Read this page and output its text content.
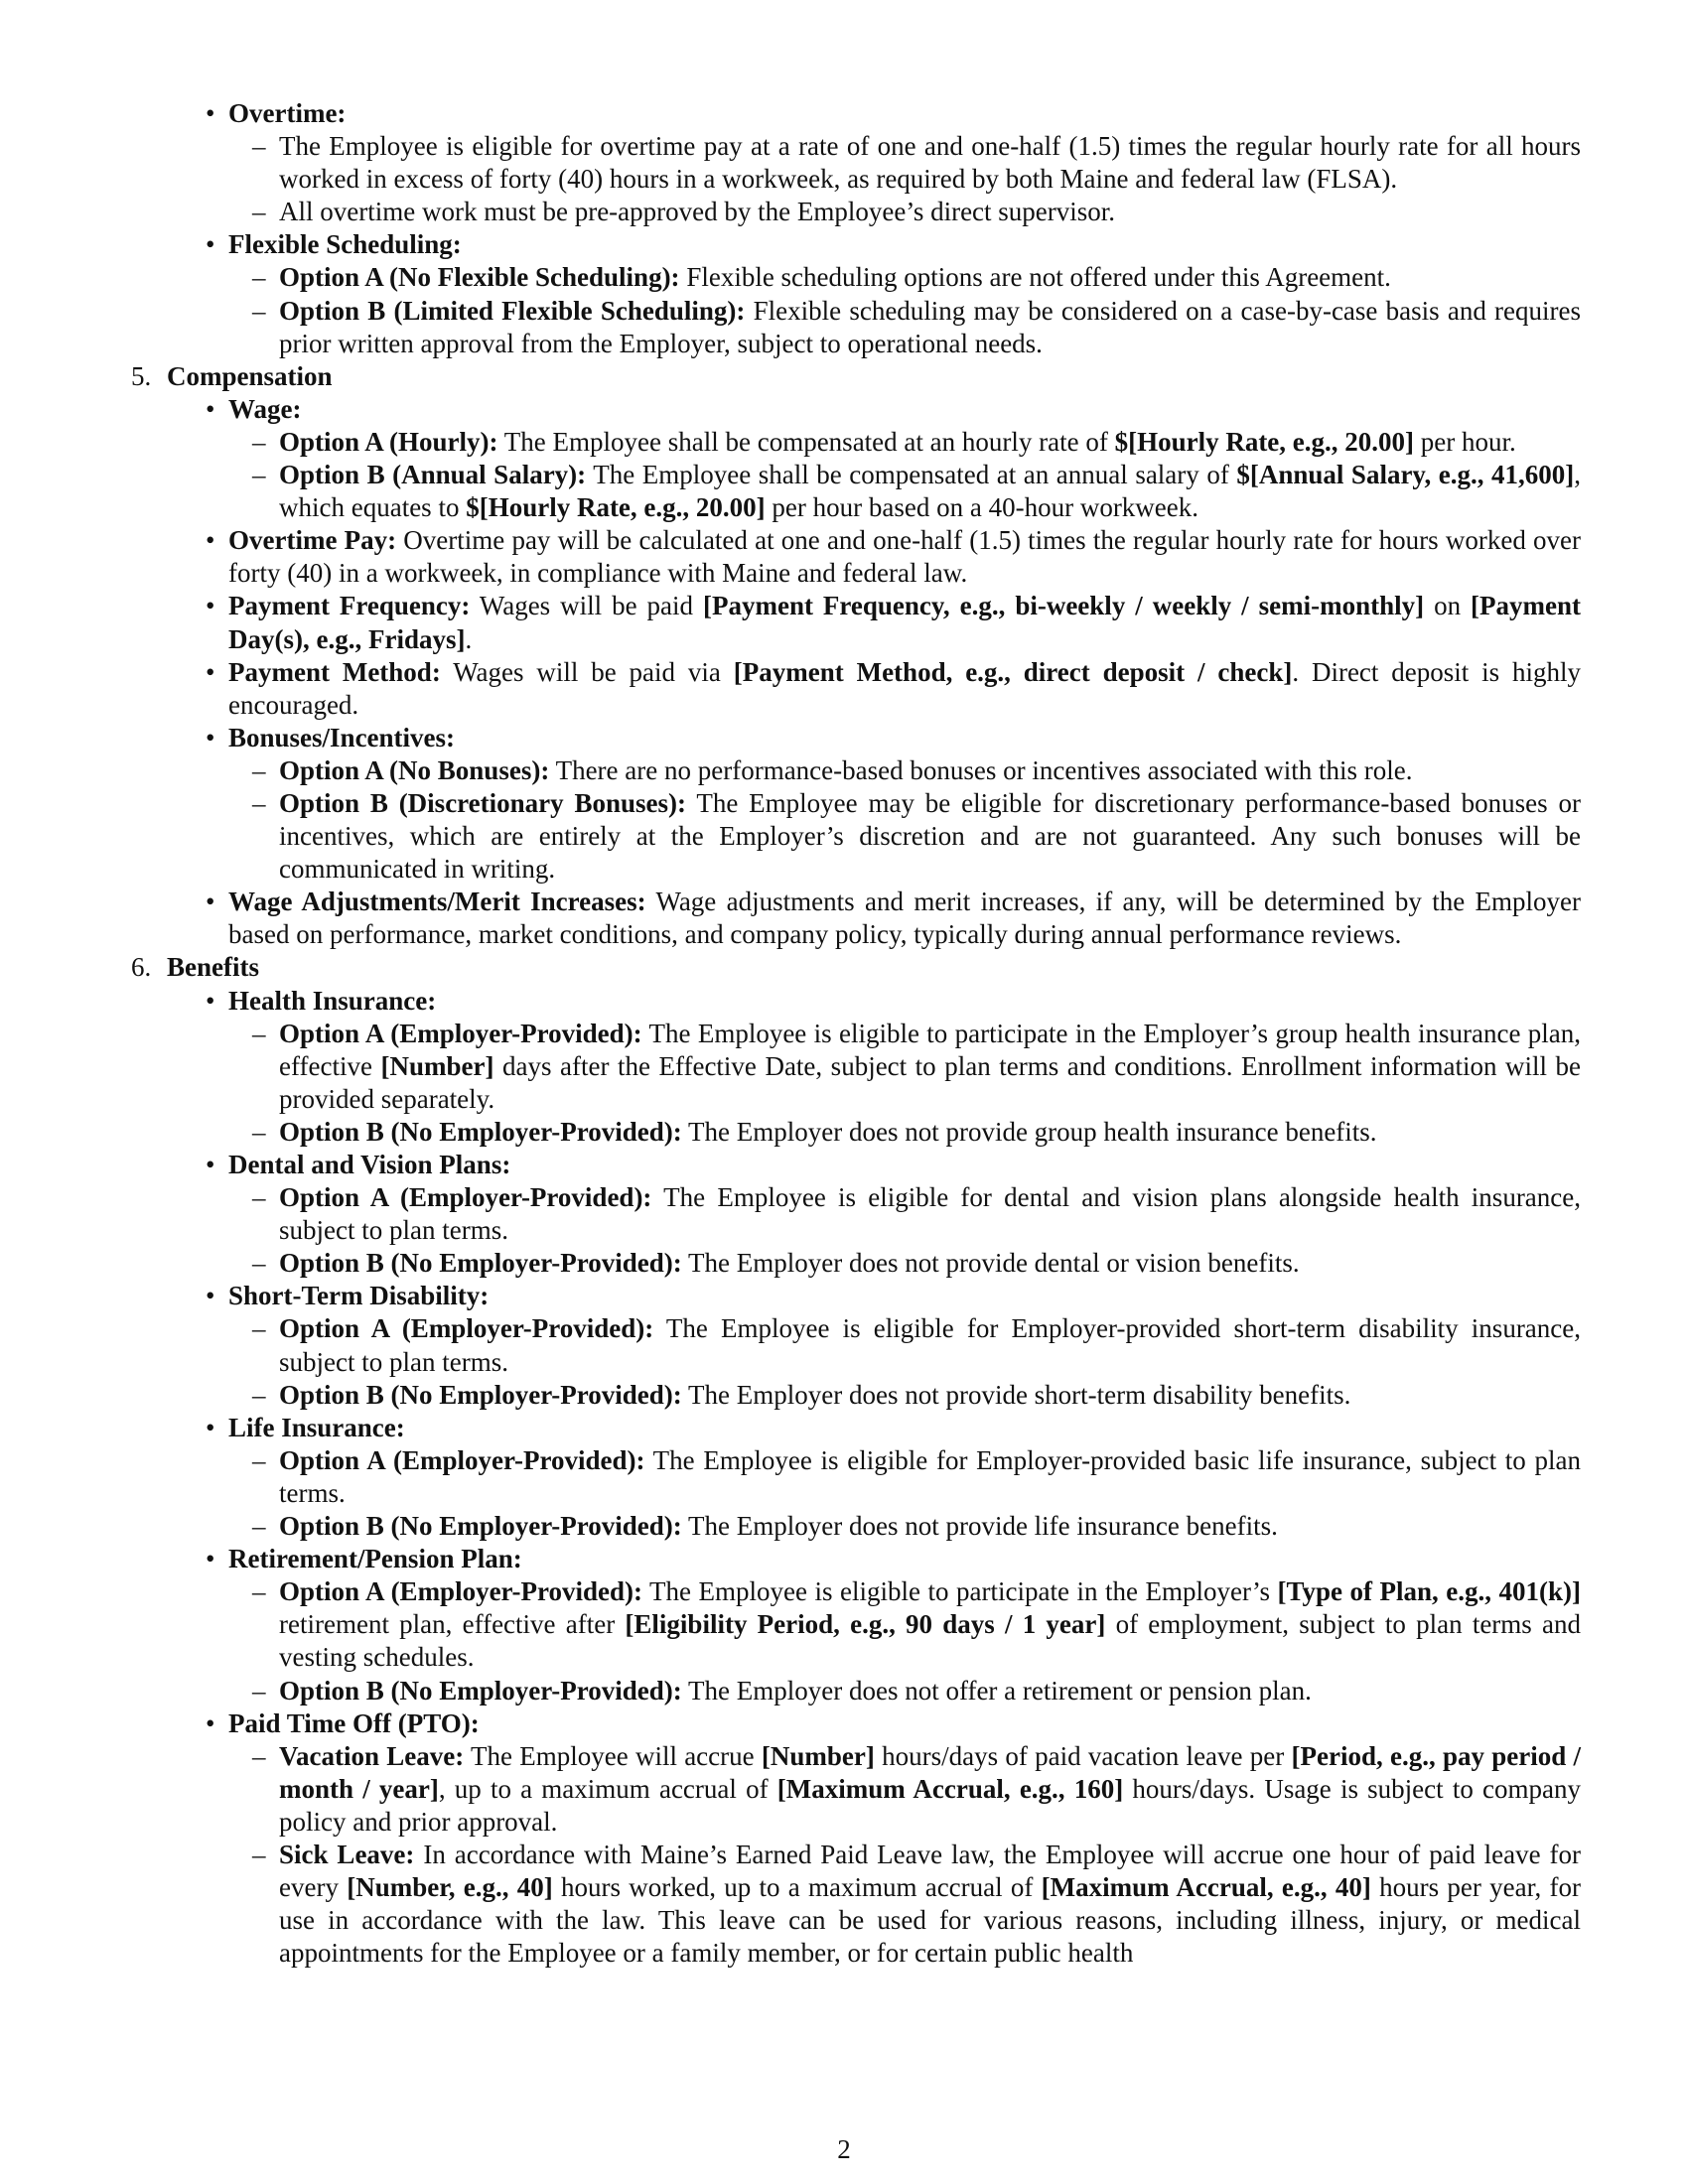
• Overtime:
– The Employee is eligible for overtime pay at a rate of one and one-half (1.5) times the regular hourly rate for all hours worked in excess of forty (40) hours in a workweek, as required by both Maine and federal law (FLSA).
– All overtime work must be pre-approved by the Employee’s direct supervisor.
• Flexible Scheduling:
– Option A (No Flexible Scheduling): Flexible scheduling options are not offered under this Agreement.
– Option B (Limited Flexible Scheduling): Flexible scheduling may be considered on a case-by-case basis and requires prior written approval from the Employer, subject to operational needs.
5. Compensation
• Wage:
– Option A (Hourly): The Employee shall be compensated at an hourly rate of $[Hourly Rate, e.g., 20.00] per hour.
– Option B (Annual Salary): The Employee shall be compensated at an annual salary of $[Annual Salary, e.g., 41,600], which equates to $[Hourly Rate, e.g., 20.00] per hour based on a 40-hour workweek.
• Overtime Pay: Overtime pay will be calculated at one and one-half (1.5) times the regular hourly rate for hours worked over forty (40) in a workweek, in compliance with Maine and federal law.
• Payment Frequency: Wages will be paid [Payment Frequency, e.g., bi-weekly / weekly / semi-monthly] on [Payment Day(s), e.g., Fridays].
• Payment Method: Wages will be paid via [Payment Method, e.g., direct deposit / check]. Direct deposit is highly encouraged.
• Bonuses/Incentives:
– Option A (No Bonuses): There are no performance-based bonuses or incentives associated with this role.
– Option B (Discretionary Bonuses): The Employee may be eligible for discretionary performance-based bonuses or incentives, which are entirely at the Employer’s discretion and are not guaranteed. Any such bonuses will be communicated in writing.
• Wage Adjustments/Merit Increases: Wage adjustments and merit increases, if any, will be determined by the Employer based on performance, market conditions, and company policy, typically during annual performance reviews.
6. Benefits
• Health Insurance:
– Option A (Employer-Provided): The Employee is eligible to participate in the Employer’s group health insurance plan, effective [Number] days after the Effective Date, subject to plan terms and conditions. Enrollment information will be provided separately.
– Option B (No Employer-Provided): The Employer does not provide group health insurance benefits.
• Dental and Vision Plans:
– Option A (Employer-Provided): The Employee is eligible for dental and vision plans alongside health insurance, subject to plan terms.
– Option B (No Employer-Provided): The Employer does not provide dental or vision benefits.
• Short-Term Disability:
– Option A (Employer-Provided): The Employee is eligible for Employer-provided short-term disability insurance, subject to plan terms.
– Option B (No Employer-Provided): The Employer does not provide short-term disability benefits.
• Life Insurance:
– Option A (Employer-Provided): The Employee is eligible for Employer-provided basic life insurance, subject to plan terms.
– Option B (No Employer-Provided): The Employer does not provide life insurance benefits.
• Retirement/Pension Plan:
– Option A (Employer-Provided): The Employee is eligible to participate in the Employer’s [Type of Plan, e.g., 401(k)] retirement plan, effective after [Eligibility Period, e.g., 90 days / 1 year] of employment, subject to plan terms and vesting schedules.
– Option B (No Employer-Provided): The Employer does not offer a retirement or pension plan.
• Paid Time Off (PTO):
– Vacation Leave: The Employee will accrue [Number] hours/days of paid vacation leave per [Period, e.g., pay period / month / year], up to a maximum accrual of [Maximum Accrual, e.g., 160] hours/days. Usage is subject to company policy and prior approval.
– Sick Leave: In accordance with Maine’s Earned Paid Leave law, the Employee will accrue one hour of paid leave for every [Number, e.g., 40] hours worked, up to a maximum accrual of [Maximum Accrual, e.g., 40] hours per year, for use in accordance with the law. This leave can be used for various reasons, including illness, injury, or medical appointments for the Employee or a family member, or for certain public health
2
